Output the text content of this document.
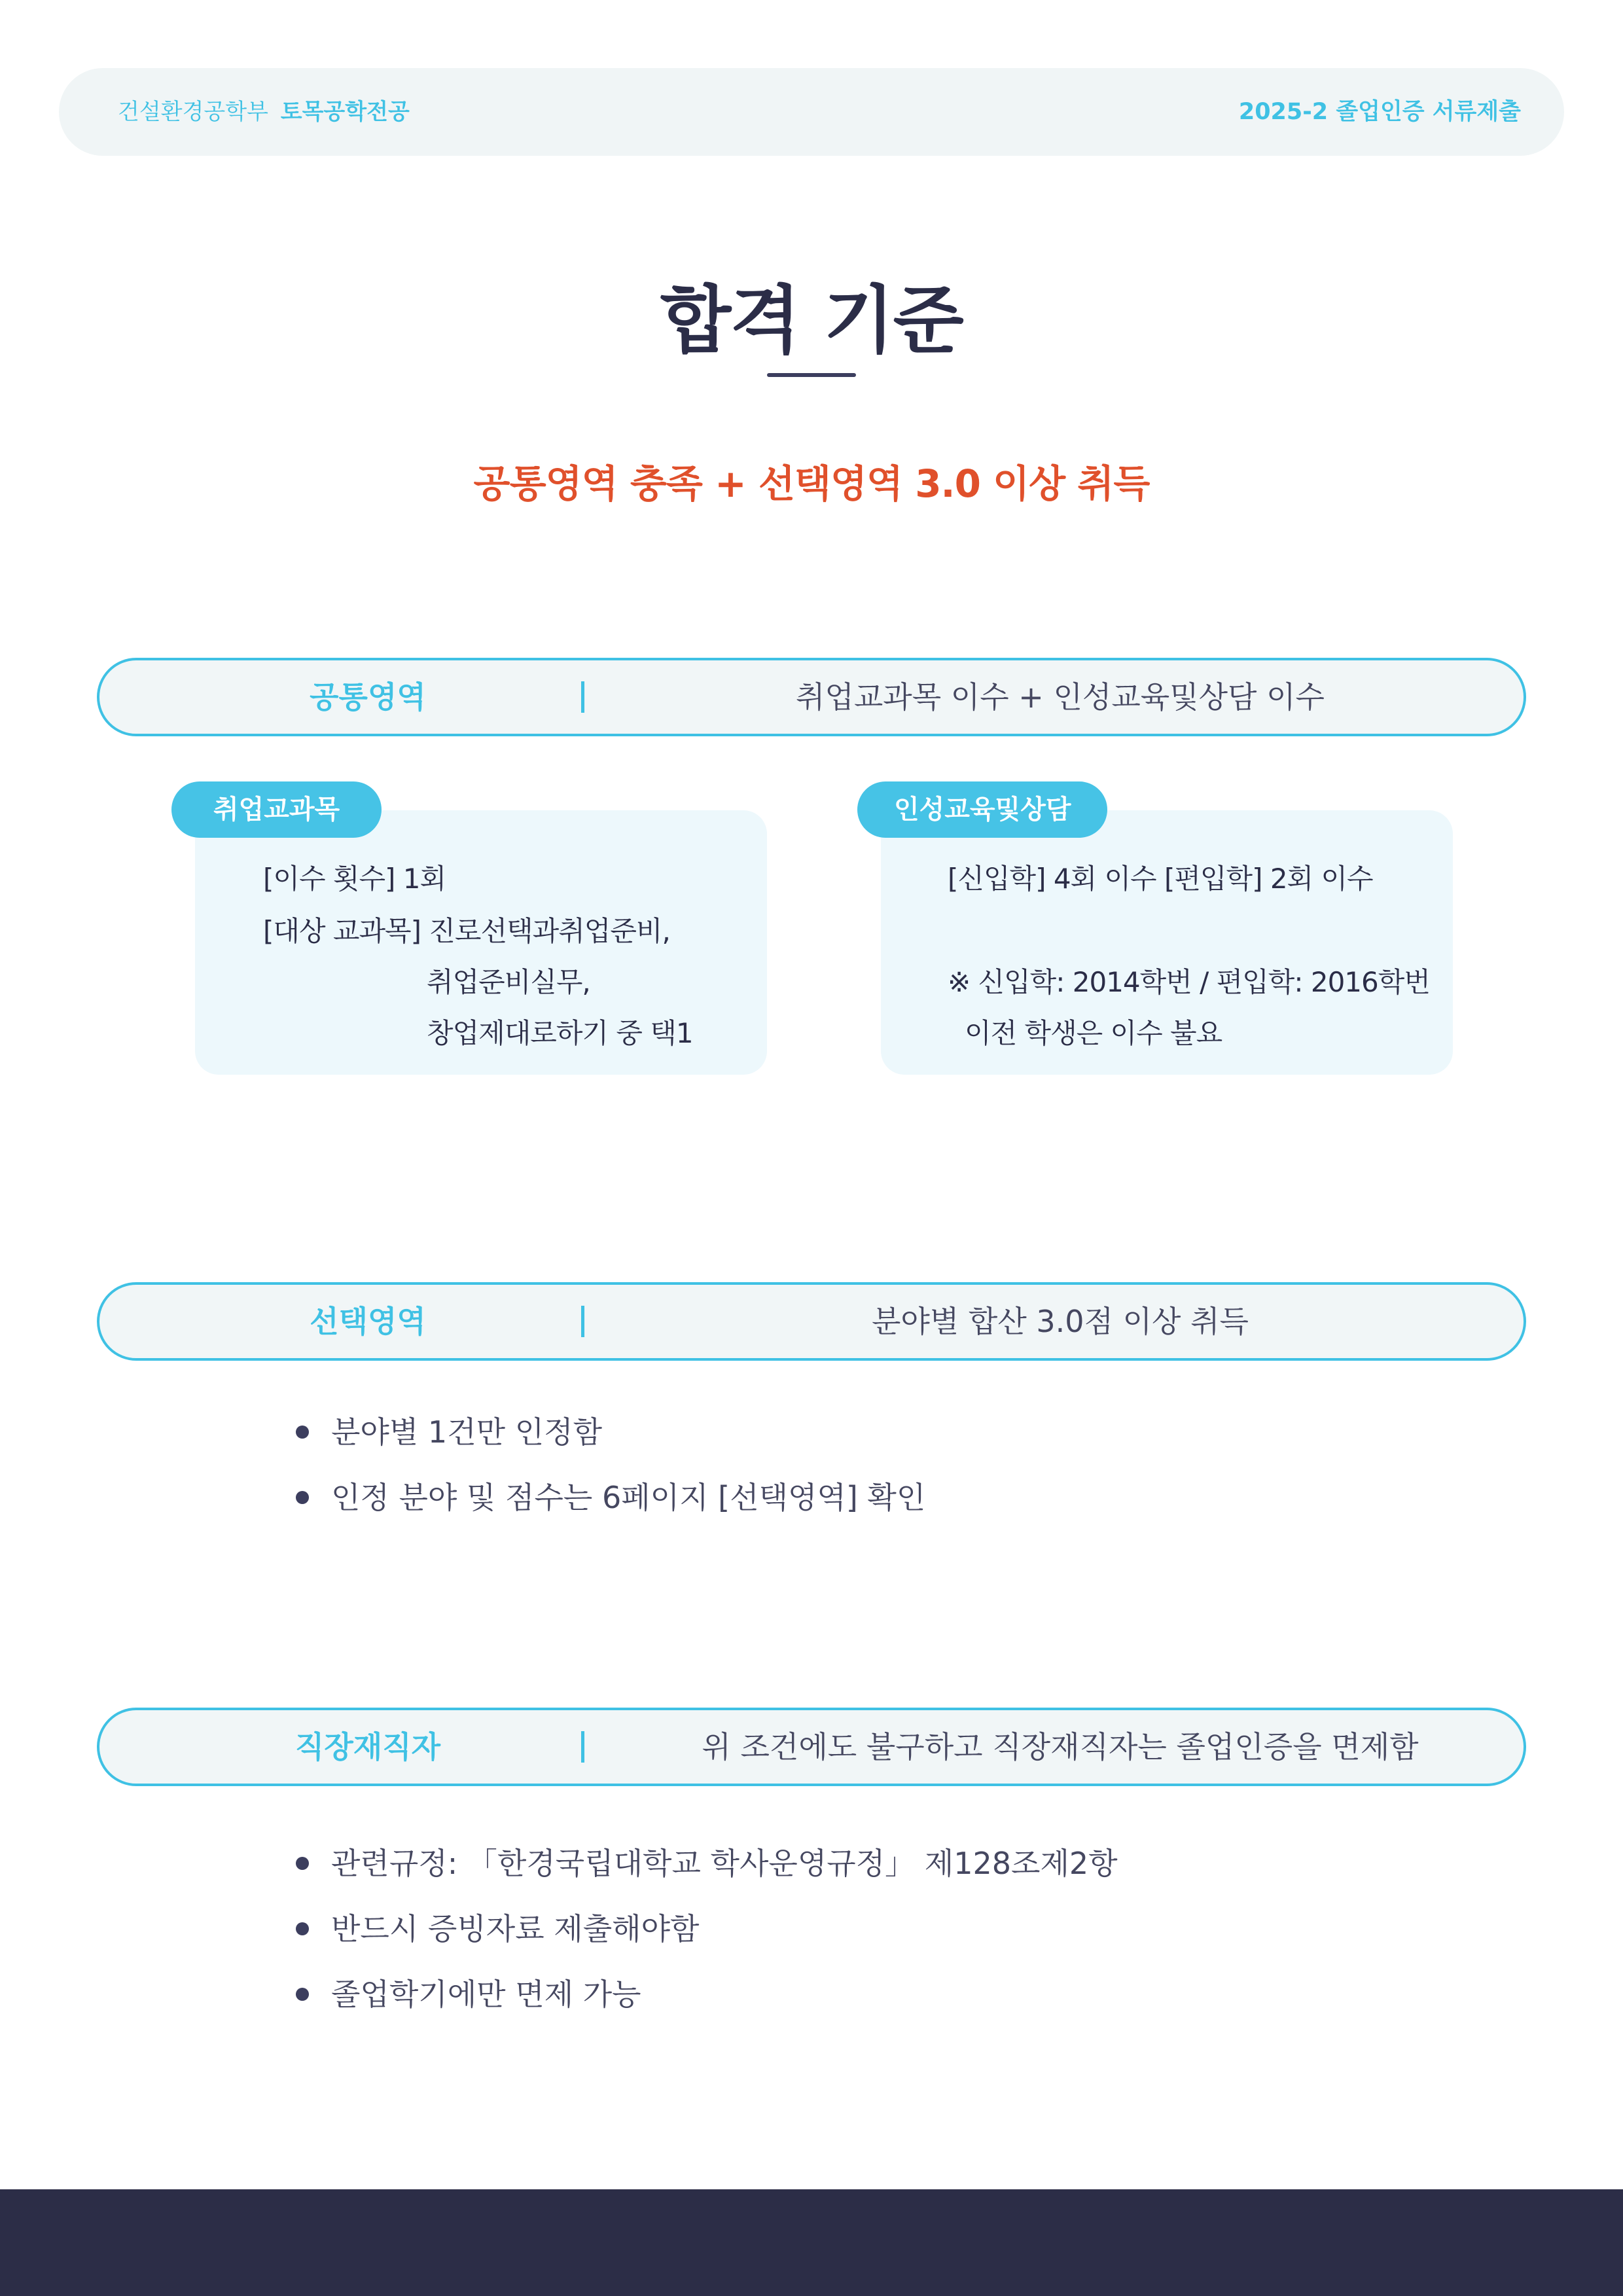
건설환경공학부 토목공학전공	2025-2 졸업인증 서류제출
합격 기준
공통영역 충족 + 선택영역 3.0 이상 취득
공통영역	취업교과목 이수 + 인성교육및상담 이수
취업교과목
[이수 횟수] 1회
[대상 교과목] 진로선택과취업준비,
취업준비실무,
창업제대로하기 중 택1
인성교육및상담
[신입학] 4회 이수 [편입학] 2회 이수
※ 신입학: 2014학번 / 편입학: 2016학번
이전 학생은 이수 불요
선택영역	분야별 합산 3.0점 이상 취득
분야별 1건만 인정함
인정 분야 및 점수는 6페이지 [선택영역] 확인
직장재직자	위 조건에도 불구하고 직장재직자는 졸업인증을 면제함
관련규정: 「한경국립대학교 학사운영규정」 제128조제2항
반드시 증빙자료 제출해야함
졸업학기에만 면제 가능
